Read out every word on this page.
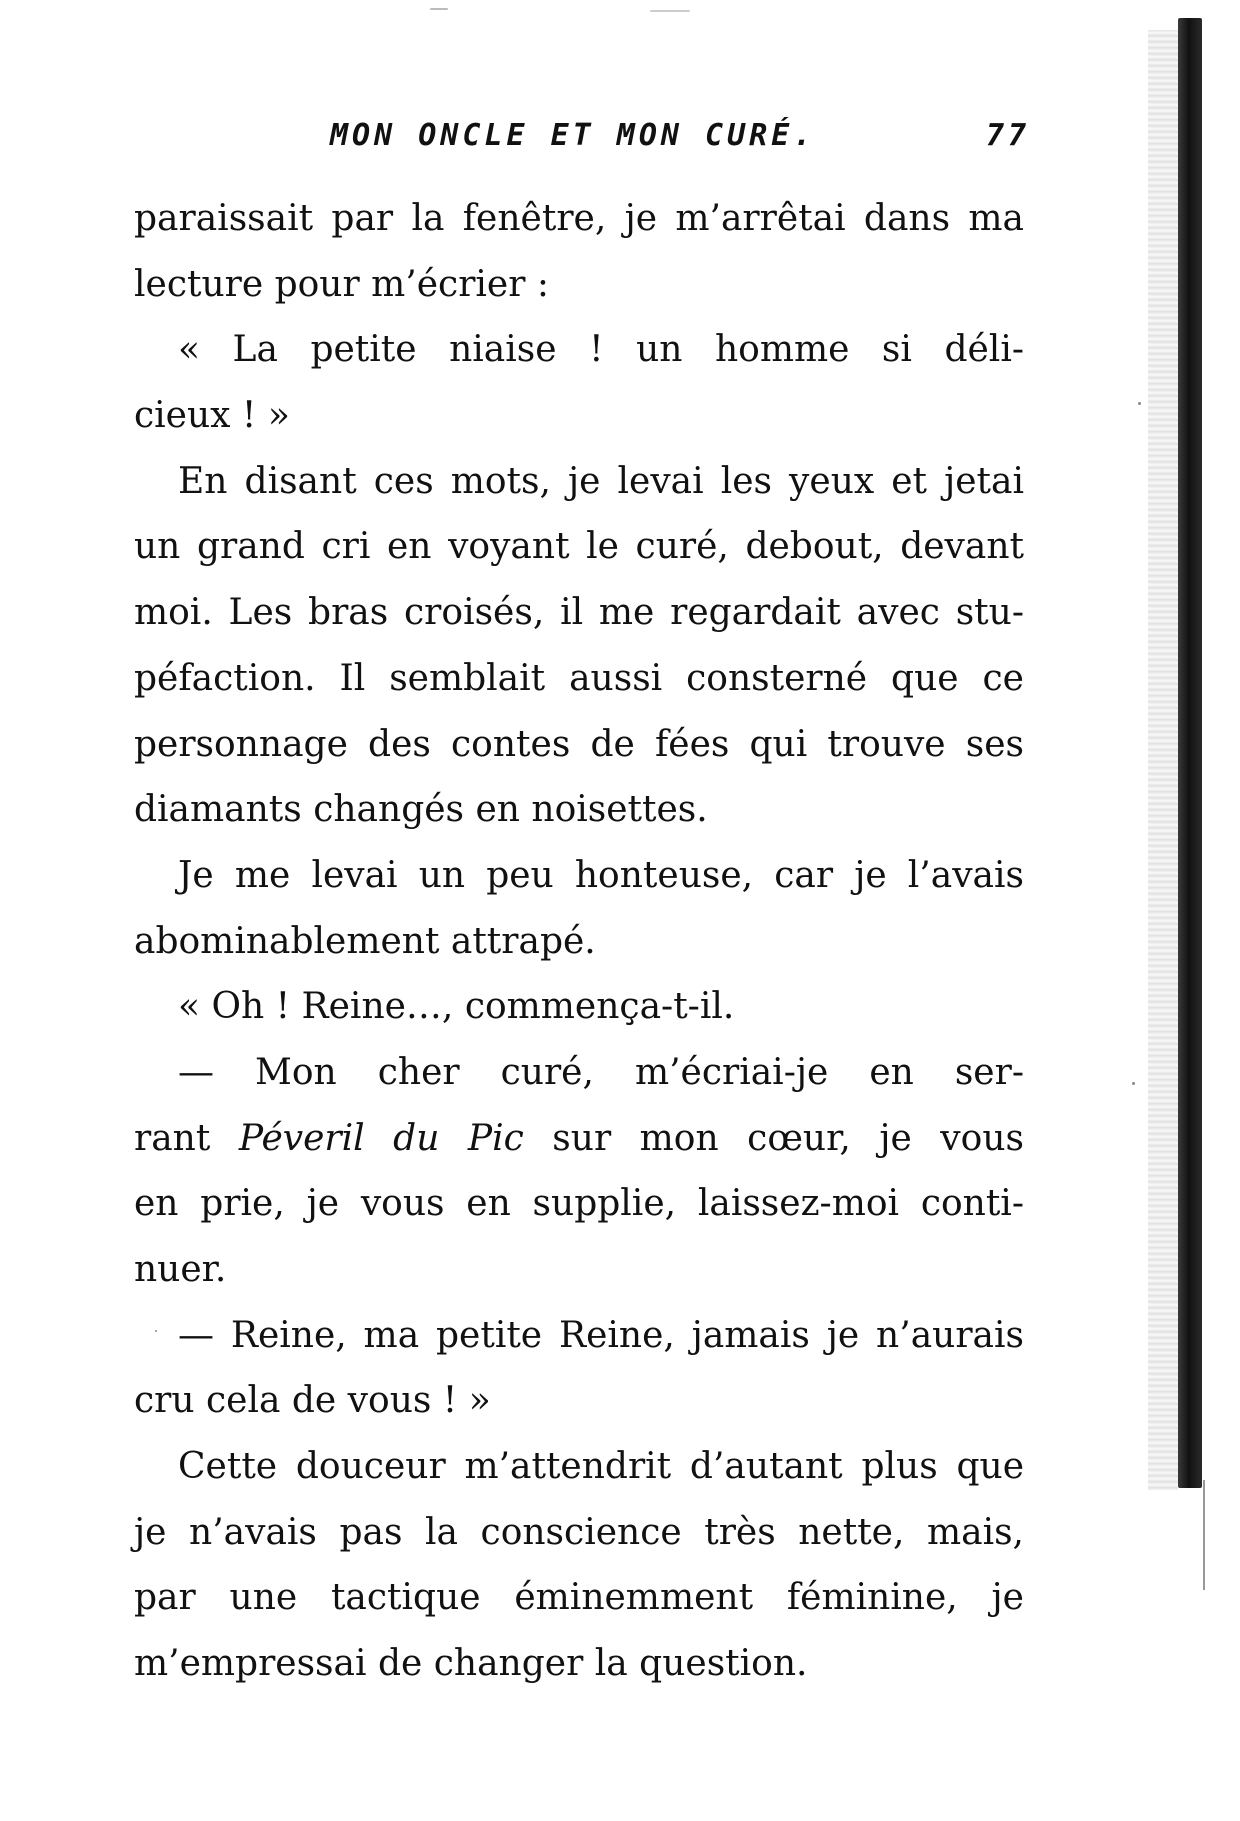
MON ONCLE ET MON CURÉ.	77
paraissait par la fenêtre, je m’arrêtai dans ma
lecture pour m’écrier :
« La petite niaise ! un homme si déli-
cieux ! »
En disant ces mots, je levai les yeux et jetai
un grand cri en voyant le curé, debout, devant
moi. Les bras croisés, il me regardait avec stu-
péfaction. Il semblait aussi consterné que ce
personnage des contes de fées qui trouve ses
diamants changés en noisettes.
Je me levai un peu honteuse, car je l’avais
abominablement attrapé.
« Oh ! Reine…, commença-t-il.
— Mon cher curé, m’écriai-je en ser-
rant Péveril du Pic sur mon cœur, je vous
en prie, je vous en supplie, laissez-moi conti-
nuer.
— Reine, ma petite Reine, jamais je n’aurais
cru cela de vous ! »
Cette douceur m’attendrit d’autant plus que
je n’avais pas la conscience très nette, mais,
par une tactique éminemment féminine, je
m’empressai de changer la question.
